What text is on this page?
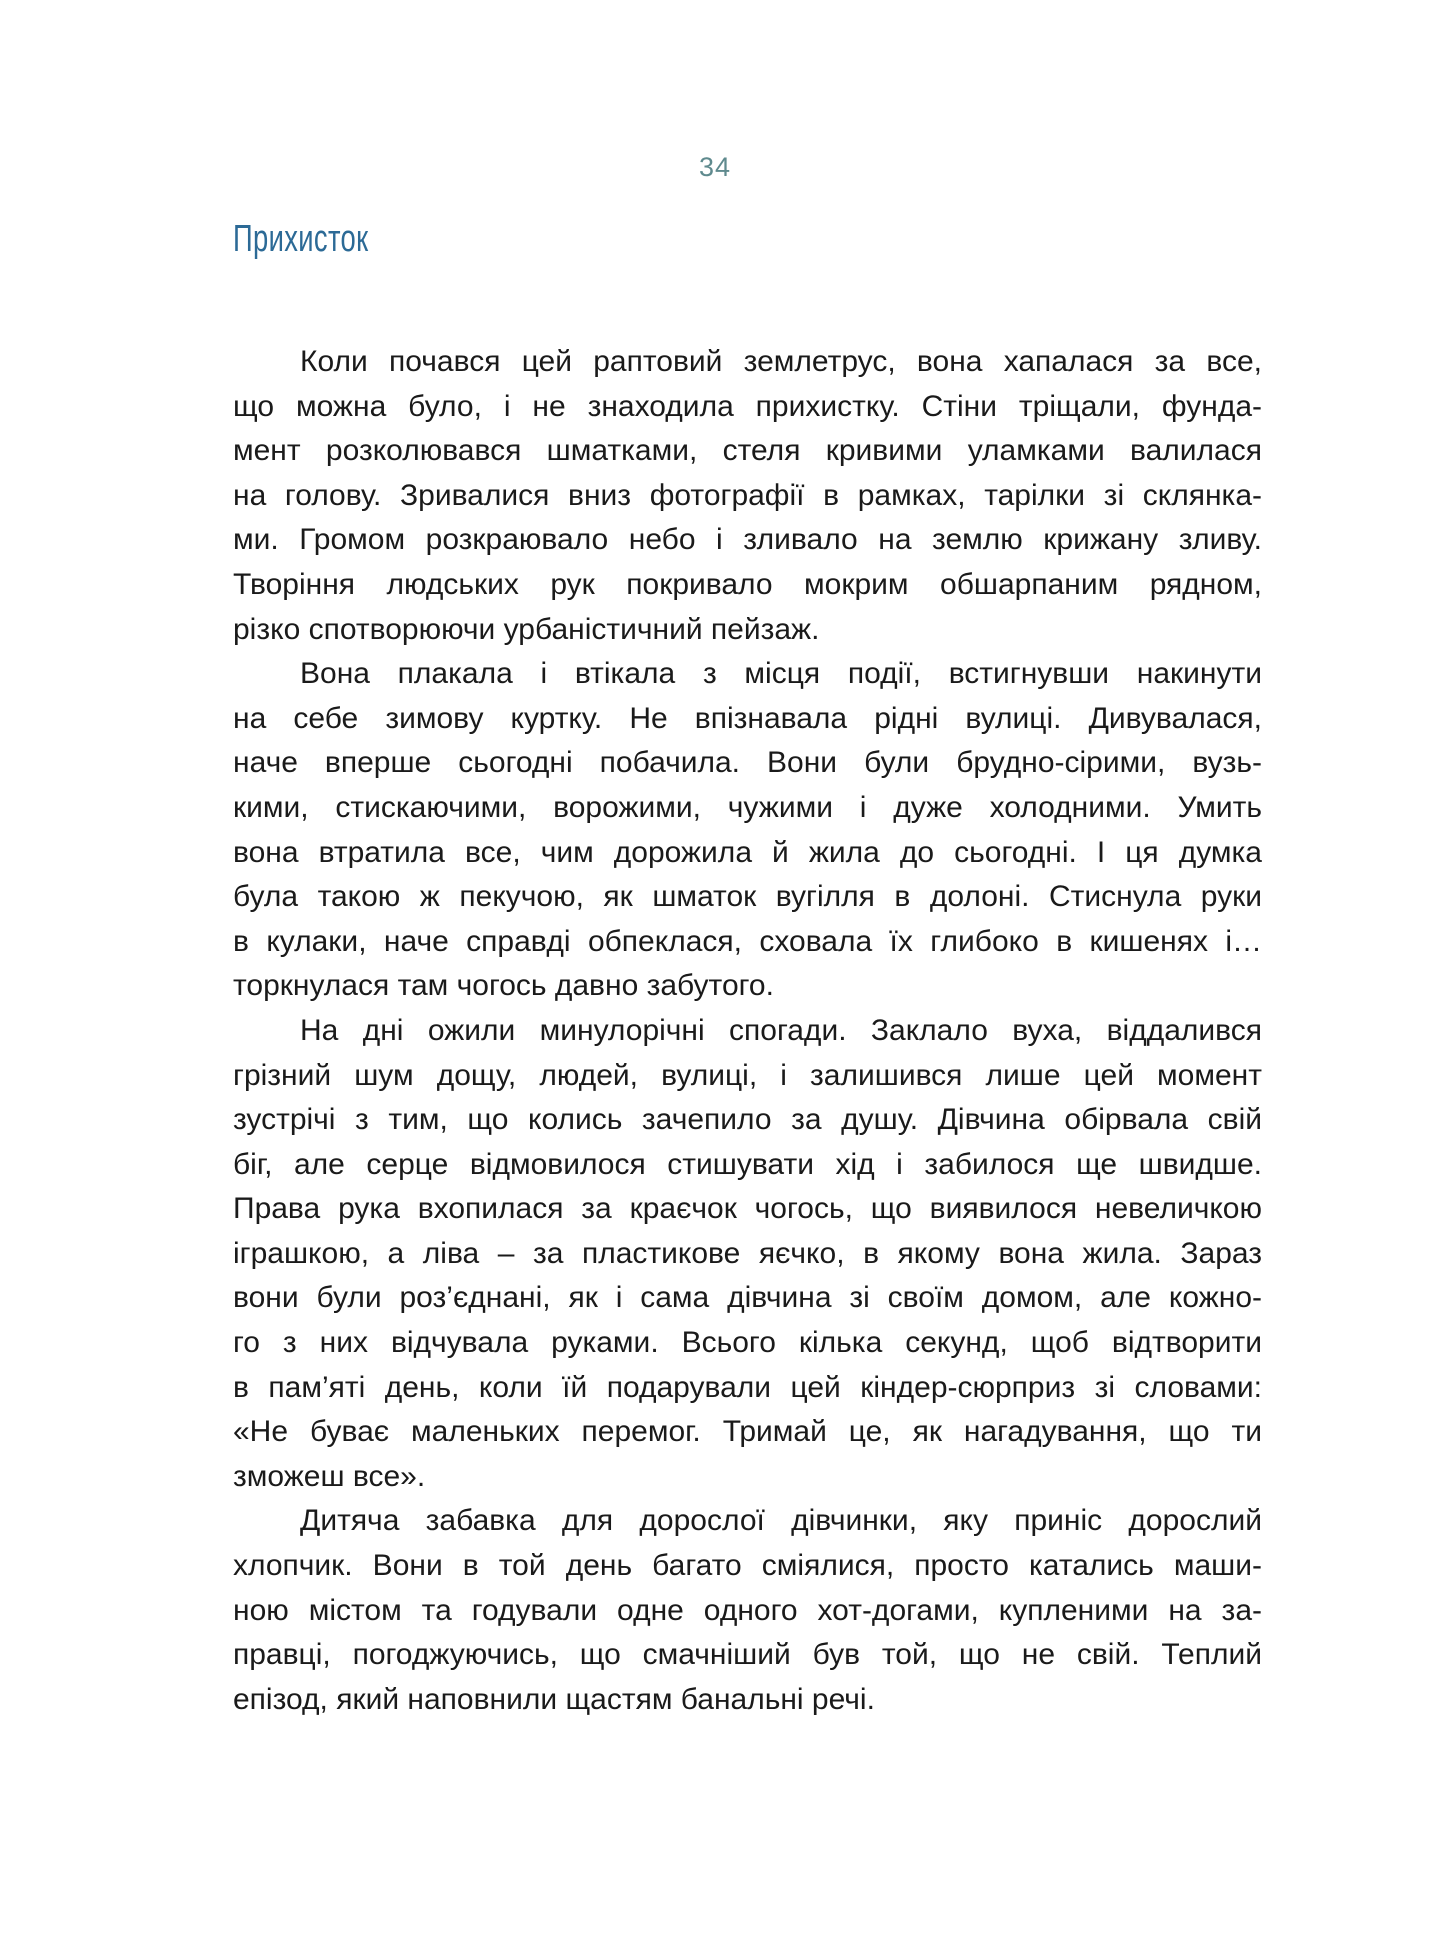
34
Прихисток
Коли почався цей раптовий землетрус, вона хапалася за все,
що можна було, і не знаходила прихистку. Стіни тріщали, фунда-
мент розколювався шматками, стеля кривими уламками валилася
на голову. Зривалися вниз фотографії в рамках, тарілки зі склянка-
ми. Громом розкраювало небо і зливало на землю крижану зливу.
Творіння людських рук покривало мокрим обшарпаним рядном,
різко спотворюючи урбаністичний пейзаж.
Вона плакала і втікала з місця події, встигнувши накинути
на себе зимову куртку. Не впізнавала рідні вулиці. Дивувалася,
наче вперше сьогодні побачила. Вони були брудно-сірими, вузь-
кими, стискаючими, ворожими, чужими і дуже холодними. Умить
вона втратила все, чим дорожила й жила до сьогодні. І ця думка
була такою ж пекучою, як шматок вугілля в долоні. Стиснула руки
в кулаки, наче справді обпеклася, сховала їх глибоко в кишенях і…
торкнулася там чогось давно забутого.
На дні ожили минулорічні спогади. Заклало вуха, віддалився
грізний шум дощу, людей, вулиці, і залишився лише цей момент
зустрічі з тим, що колись зачепило за душу. Дівчина обірвала свій
біг, але серце відмовилося стишувати хід і забилося ще швидше.
Права рука вхопилася за краєчок чогось, що виявилося невеличкою
іграшкою, а ліва – за пластикове яєчко, в якому вона жила. Зараз
вони були роз’єднані, як і сама дівчина зі своїм домом, але кожно-
го з них відчувала руками. Всього кілька секунд, щоб відтворити
в пам’яті день, коли їй подарували цей кіндер-сюрприз зі словами:
«Не буває маленьких перемог. Тримай це, як нагадування, що ти
зможеш все».
Дитяча забавка для дорослої дівчинки, яку приніс дорослий
хлопчик. Вони в той день багато сміялися, просто катались маши-
ною містом та годували одне одного хот-догами, купленими на за-
правці, погоджуючись, що смачніший був той, що не свій. Теплий
епізод, який наповнили щастям банальні речі.
